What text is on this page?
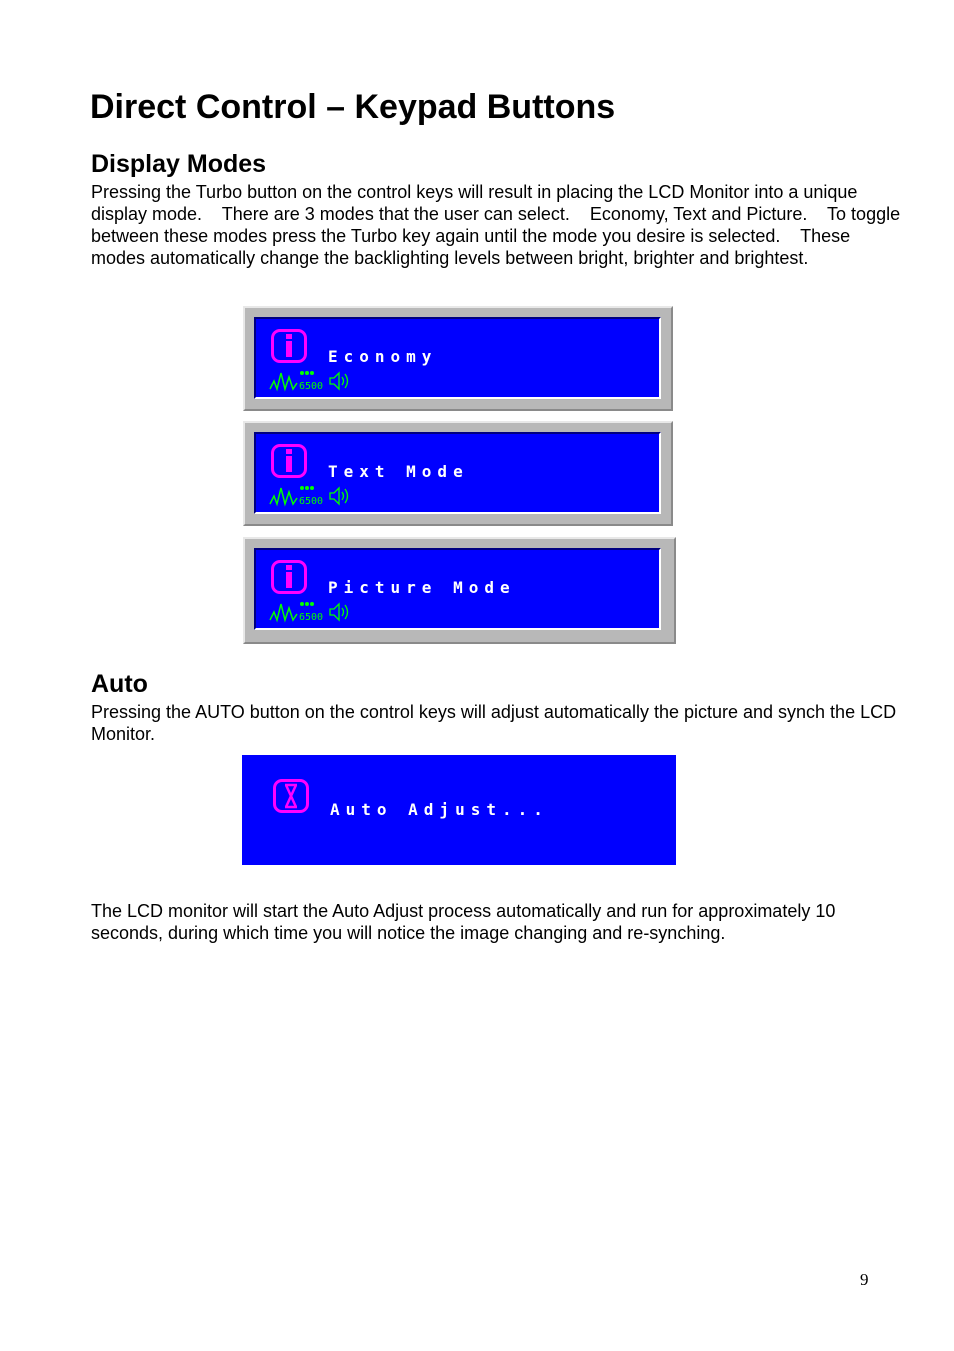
Direct Control – Keypad Buttons
Display Modes

Pressing the Turbo button on the control keys will result in placing the LCD Monitor into a unique display mode.    There are 3 modes that the user can select.    Economy, Text and Picture.    To toggle between these modes press the Turbo key again until the mode you desire is selected.    These modes automatically change the backlighting levels between bright, brighter and brightest.

Economy

6500

Text Mode

6500

Picture Mode

6500
Auto

Pressing the AUTO button on the control keys will adjust automatically the picture and synch the LCD Monitor.

Auto Adjust...

The LCD monitor will start the Auto Adjust process automatically and run for approximately 10 seconds, during which time you will notice the image changing and re-synching.

9
